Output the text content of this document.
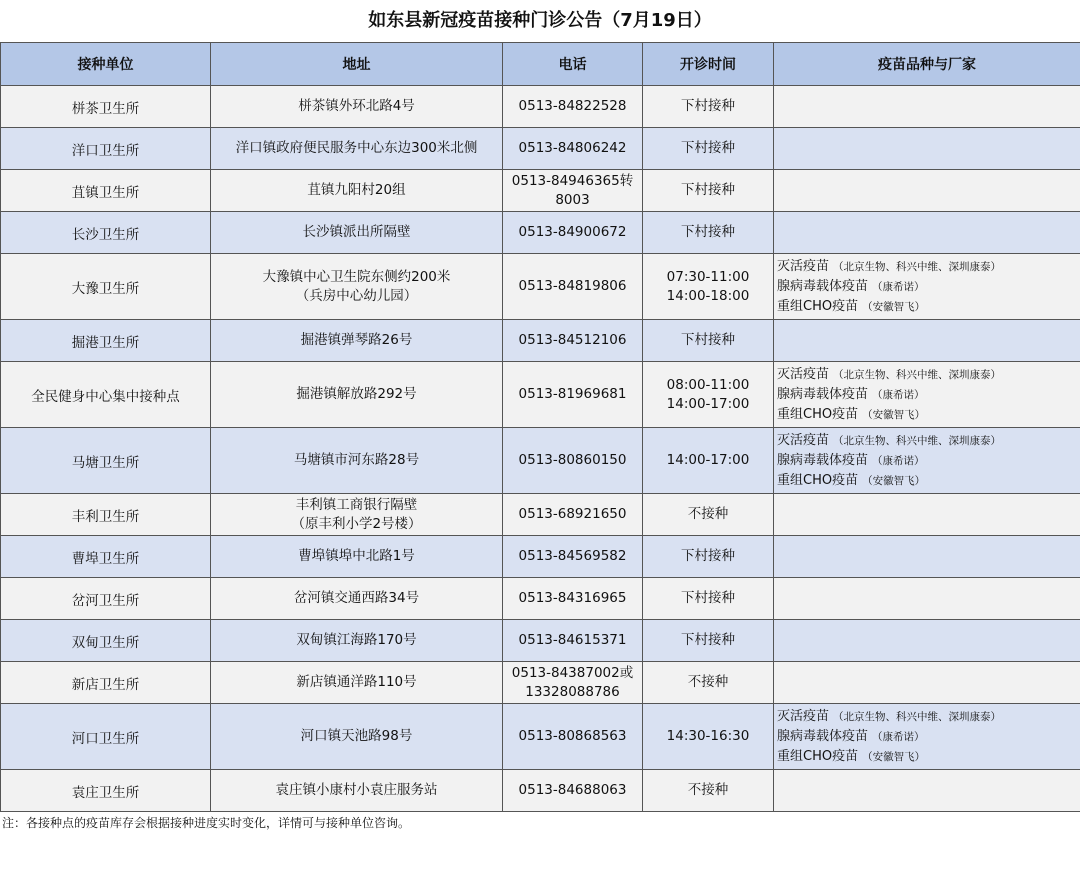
如东县新冠疫苗接种门诊公告（7月19日）
接种单位	地址	电话	开诊时间	疫苗品种与厂家
栟茶卫生所	栟茶镇外环北路4号	0513-84822528	下村接种	

洋口卫生所	洋口镇政府便民服务中心东边300米北侧	0513-84806242	下村接种	

苴镇卫生所	苴镇九阳村20组	0513-84946365转
8003	下村接种	

长沙卫生所	长沙镇派出所隔壁	0513-84900672	下村接种	

大豫卫生所	大豫镇中心卫生院东侧约200米
（兵房中心幼儿园）	0513-84819806	07:30-11:00
14:00-18:00	灭活疫苗 （北京生物、科兴中维、深圳康泰）
腺病毒载体疫苗 （康希诺）
重组CHO疫苗 （安徽智飞）

掘港卫生所	掘港镇弹琴路26号	0513-84512106	下村接种	

全民健身中心集中接种点	掘港镇解放路292号	0513-81969681	08:00-11:00
14:00-17:00	灭活疫苗 （北京生物、科兴中维、深圳康泰）
腺病毒载体疫苗 （康希诺）
重组CHO疫苗 （安徽智飞）

马塘卫生所	马塘镇市河东路28号	0513-80860150	14:00-17:00	灭活疫苗 （北京生物、科兴中维、深圳康泰）
腺病毒载体疫苗 （康希诺）
重组CHO疫苗 （安徽智飞）

丰利卫生所	丰利镇工商银行隔壁
（原丰利小学2号楼）	0513-68921650	不接种	

曹埠卫生所	曹埠镇埠中北路1号	0513-84569582	下村接种	

岔河卫生所	岔河镇交通西路34号	0513-84316965	下村接种	

双甸卫生所	双甸镇江海路170号	0513-84615371	下村接种	

新店卫生所	新店镇通洋路110号	0513-84387002或
13328088786	不接种	

河口卫生所	河口镇天池路98号	0513-80868563	14:30-16:30	灭活疫苗 （北京生物、科兴中维、深圳康泰）
腺病毒载体疫苗 （康希诺）
重组CHO疫苗 （安徽智飞）

袁庄卫生所	袁庄镇小康村小袁庄服务站	0513-84688063	不接种	

注：各接种点的疫苗库存会根据接种进度实时变化，详情可与接种单位咨询。
